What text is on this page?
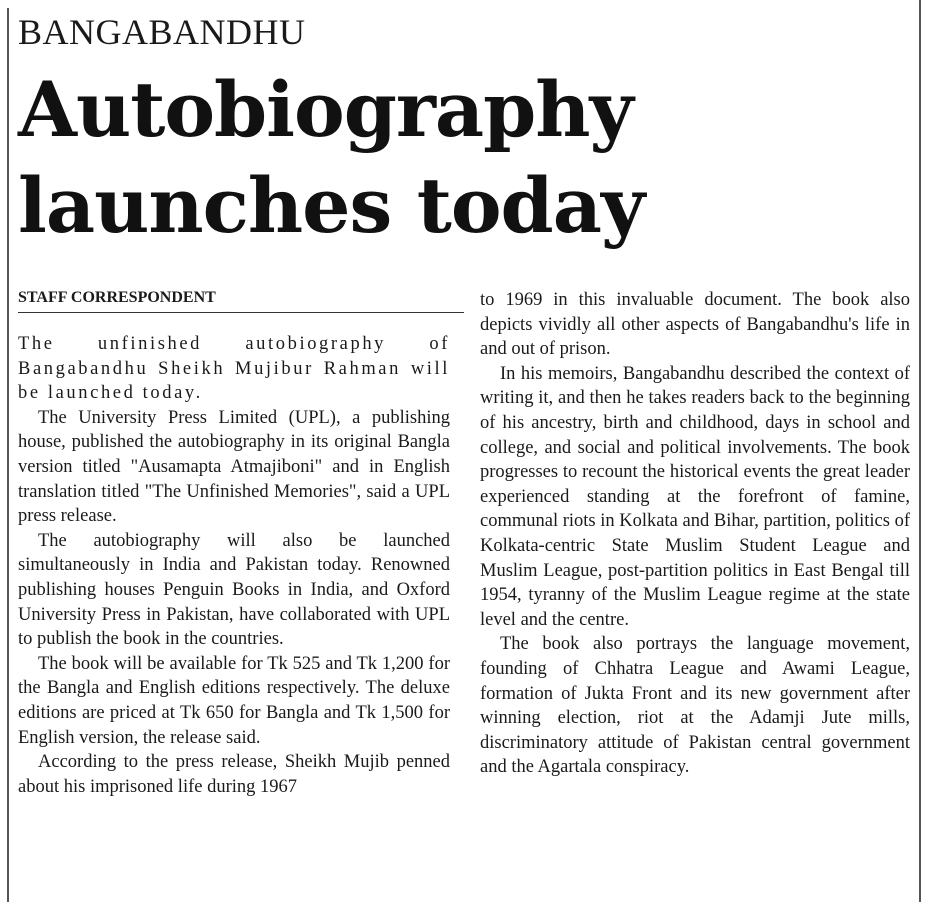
BANGABANDHU
Autobiography
launches today
STAFF CORRESPONDENT

The unfinished autobiography of Bangabandhu Sheikh Mujibur Rahman will be launched today.

The University Press Limited (UPL), a publishing house, published the autobiography in its original Bangla version titled "Ausamapta Atmajiboni" and in English translation titled "The Unfinished Memories", said a UPL press release.

The autobiography will also be launched simultaneously in India and Pakistan today. Renowned publishing houses Penguin Books in India, and Oxford University Press in Pakistan, have collaborated with UPL to publish the book in the countries.

The book will be available for Tk 525 and Tk 1,200 for the Bangla and English editions respectively. The deluxe editions are priced at Tk 650 for Bangla and Tk 1,500 for English version, the release said.

According to the press release, Sheikh Mujib penned about his imprisoned life during 1967

to 1969 in this invaluable document. The book also depicts vividly all other aspects of Bangabandhu's life in and out of prison.

In his memoirs, Bangabandhu described the context of writing it, and then he takes readers back to the beginning of his ancestry, birth and childhood, days in school and college, and social and political involvements. The book progresses to recount the historical events the great leader experienced standing at the forefront of famine, communal riots in Kolkata and Bihar, partition, politics of Kolkata-centric State Muslim Student League and Muslim League, post-partition politics in East Bengal till 1954, tyranny of the Muslim League regime at the state level and the centre.

The book also portrays the language movement, founding of Chhatra League and Awami League, formation of Jukta Front and its new government after winning election, riot at the Adamji Jute mills, discriminatory attitude of Pakistan central government and the Agartala conspiracy.
